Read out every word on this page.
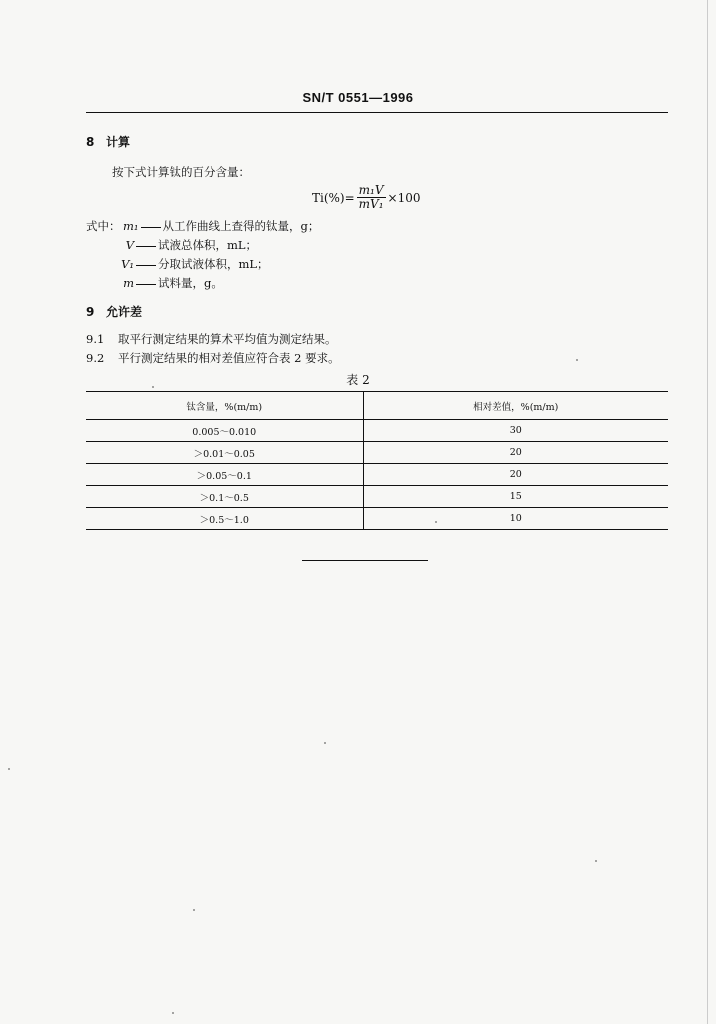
SN/T 0551—1996
8 计算
按下式计算钛的百分含量：
$Ti(\%)= \frac{\text{m₁V}}{\text{mV₁}} \times 100$
式中： m₁ 从工作曲线上查得的钛量，g；
V 试液总体积，mL；
V₁ 分取试液体积，mL；
m 试料量，g。
9 允许差
9.1 取平行测定结果的算术平均值为测定结果。
9.2 平行测定结果的相对差值应符合表 2 要求。
表 2
钛含量，%(m/m)	相对差值，%(m/m)
0.005～0.010	30
＞0.01～0.05	20
＞0.05～0.1	20
＞0.1～0.5	15
＞0.5～1.0	10
